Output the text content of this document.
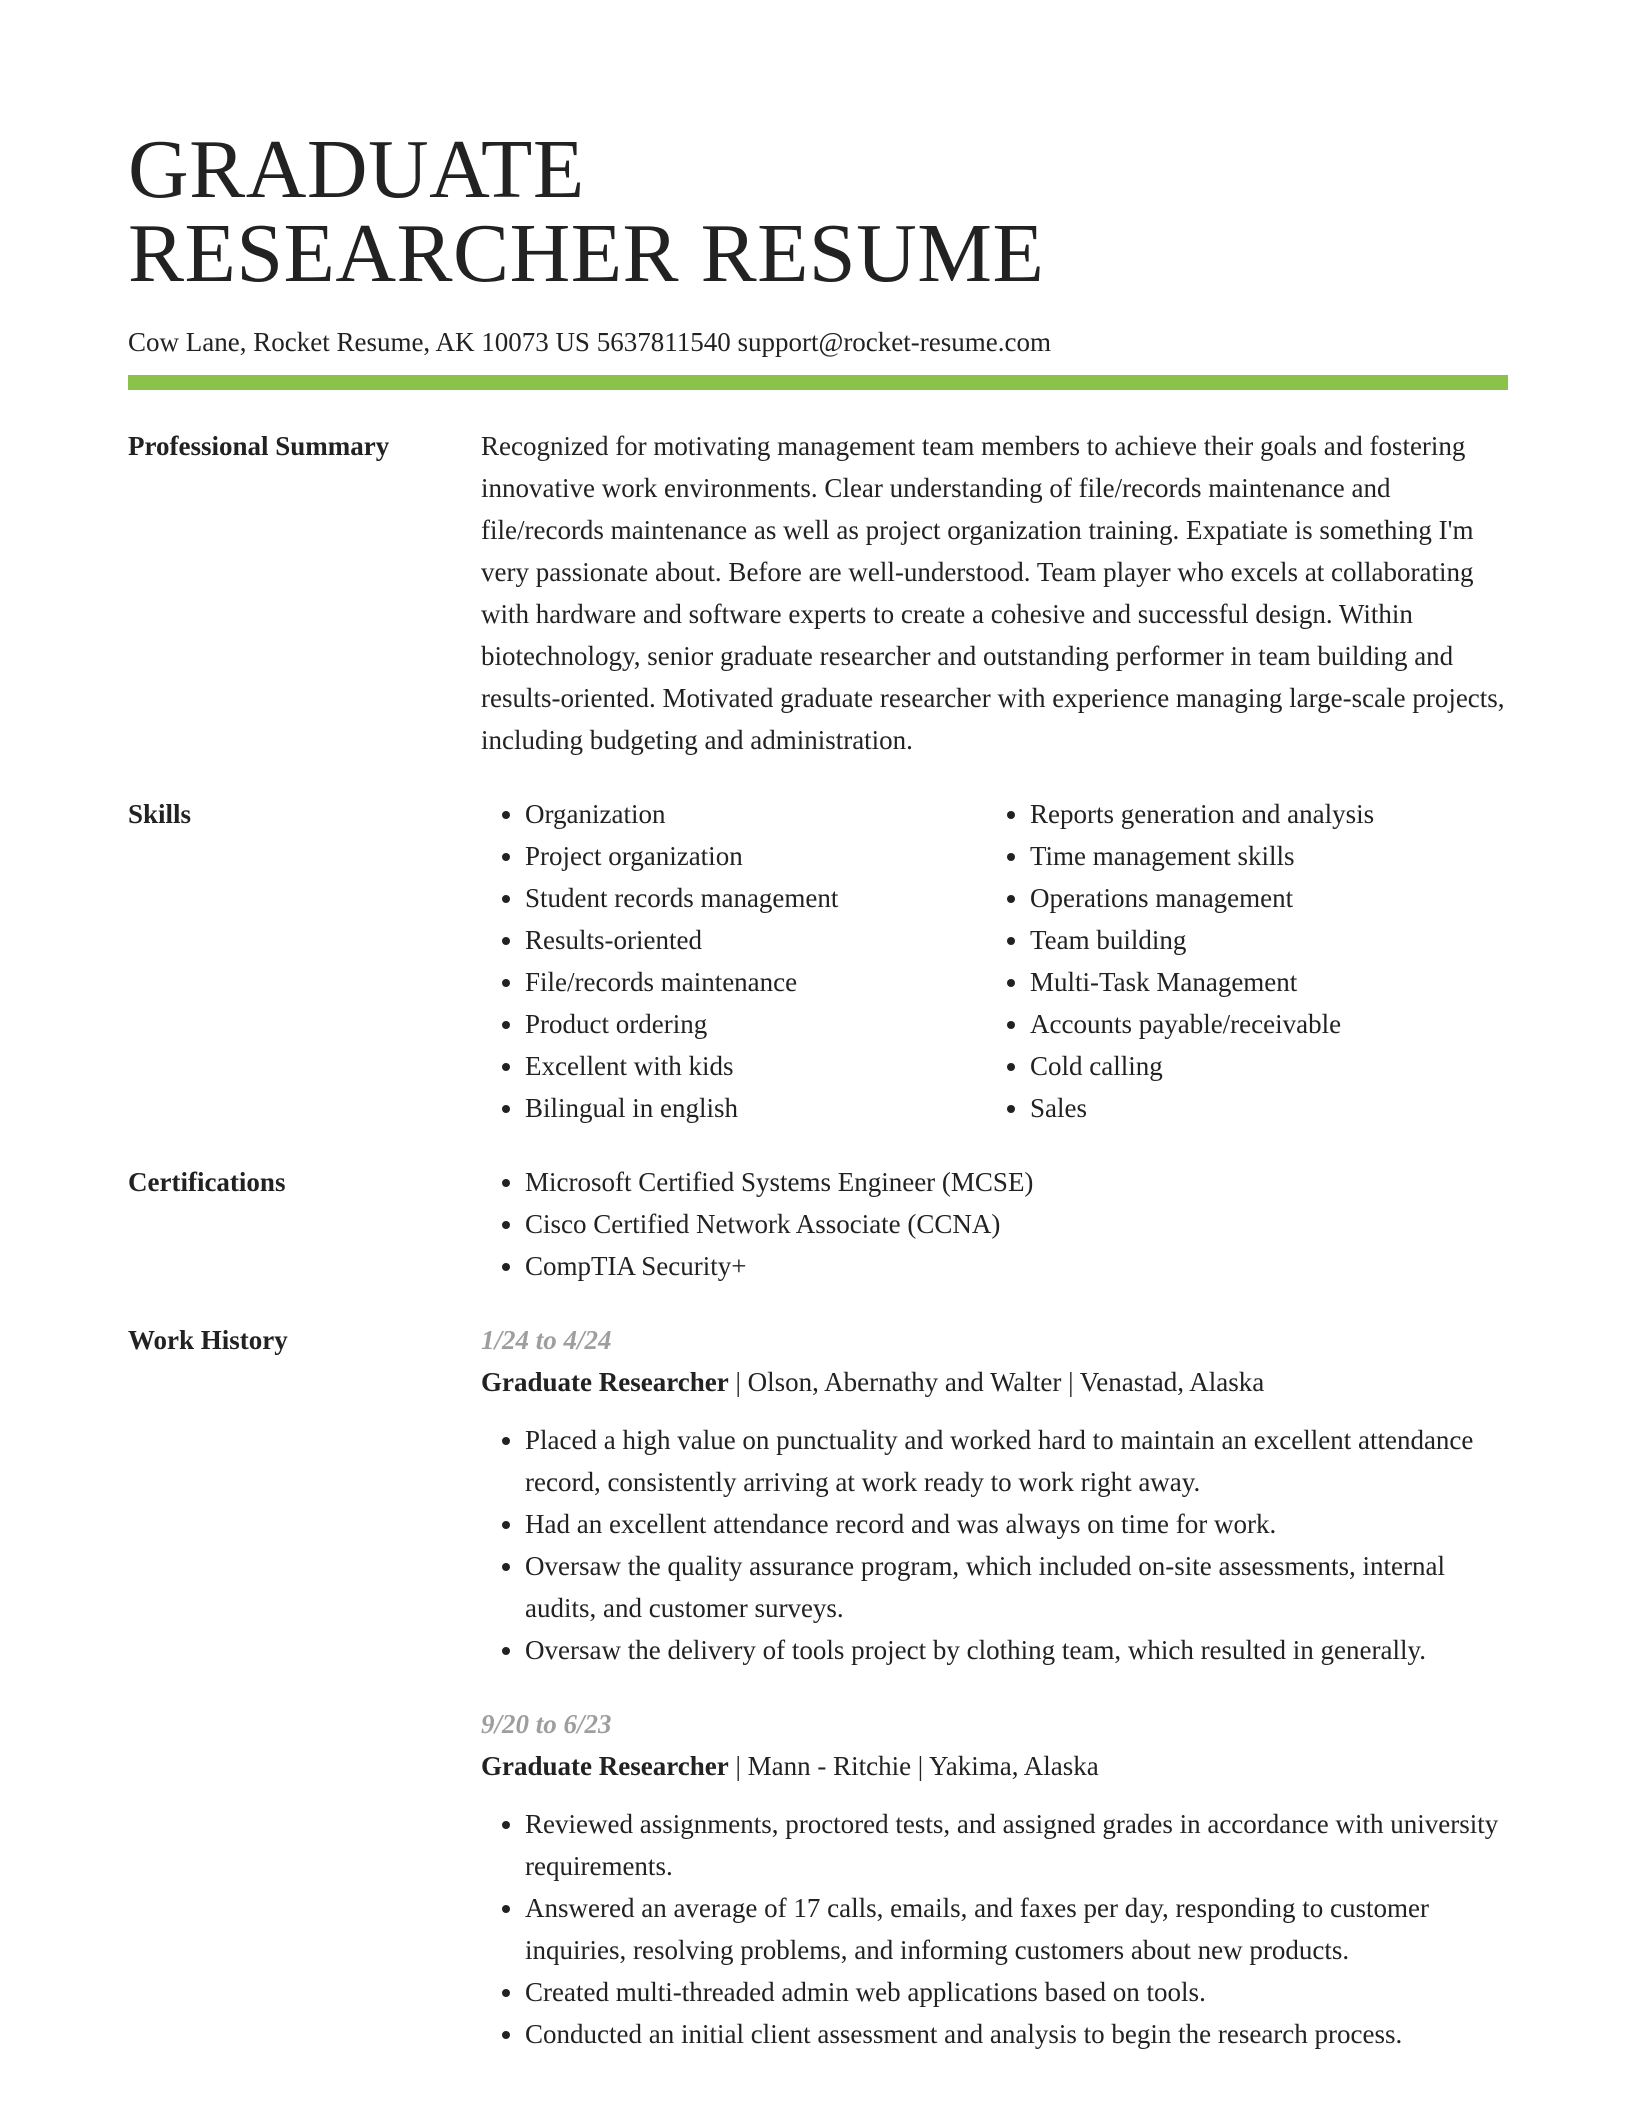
GRADUATE
RESEARCHER RESUME
Cow Lane, Rocket Resume, AK 10073 US 5637811540 support@rocket-resume.com
Professional Summary	Recognized for motivating management team members to achieve their goals and fostering innovative work environments. Clear understanding of file/records maintenance and file/records maintenance as well as project organization training. Expatiate is something I'm very passionate about. Before are well-understood. Team player who excels at collaborating with hardware and software experts to create a cohesive and successful design. Within biotechnology, senior graduate researcher and outstanding performer in team building and results-oriented. Motivated graduate researcher with experience managing large-scale projects, including budgeting and administration.

Skills	• Organization
• Project organization
• Student records management
• Results-oriented
• File/records maintenance
• Product ordering
• Excellent with kids
• Bilingual in english
• Reports generation and analysis
• Time management skills
• Operations management
• Team building
• Multi-Task Management
• Accounts payable/receivable
• Cold calling
• Sales
Certifications	• Microsoft Certified Systems Engineer (MCSE)
• Cisco Certified Network Associate (CCNA)
• CompTIA Security+
Work History	1/24 to 4/24
Graduate Researcher | Olson, Abernathy and Walter | Venastad, Alaska
• Placed a high value on punctuality and worked hard to maintain an excellent attendance record, consistently arriving at work ready to work right away.
• Had an excellent attendance record and was always on time for work.
• Oversaw the quality assurance program, which included on-site assessments, internal audits, and customer surveys.
• Oversaw the delivery of tools project by clothing team, which resulted in generally.
9/20 to 6/23
Graduate Researcher | Mann - Ritchie | Yakima, Alaska
• Reviewed assignments, proctored tests, and assigned grades in accordance with university requirements.
• Answered an average of 17 calls, emails, and faxes per day, responding to customer inquiries, resolving problems, and informing customers about new products.
• Created multi-threaded admin web applications based on tools.
• Conducted an initial client assessment and analysis to begin the research process.
